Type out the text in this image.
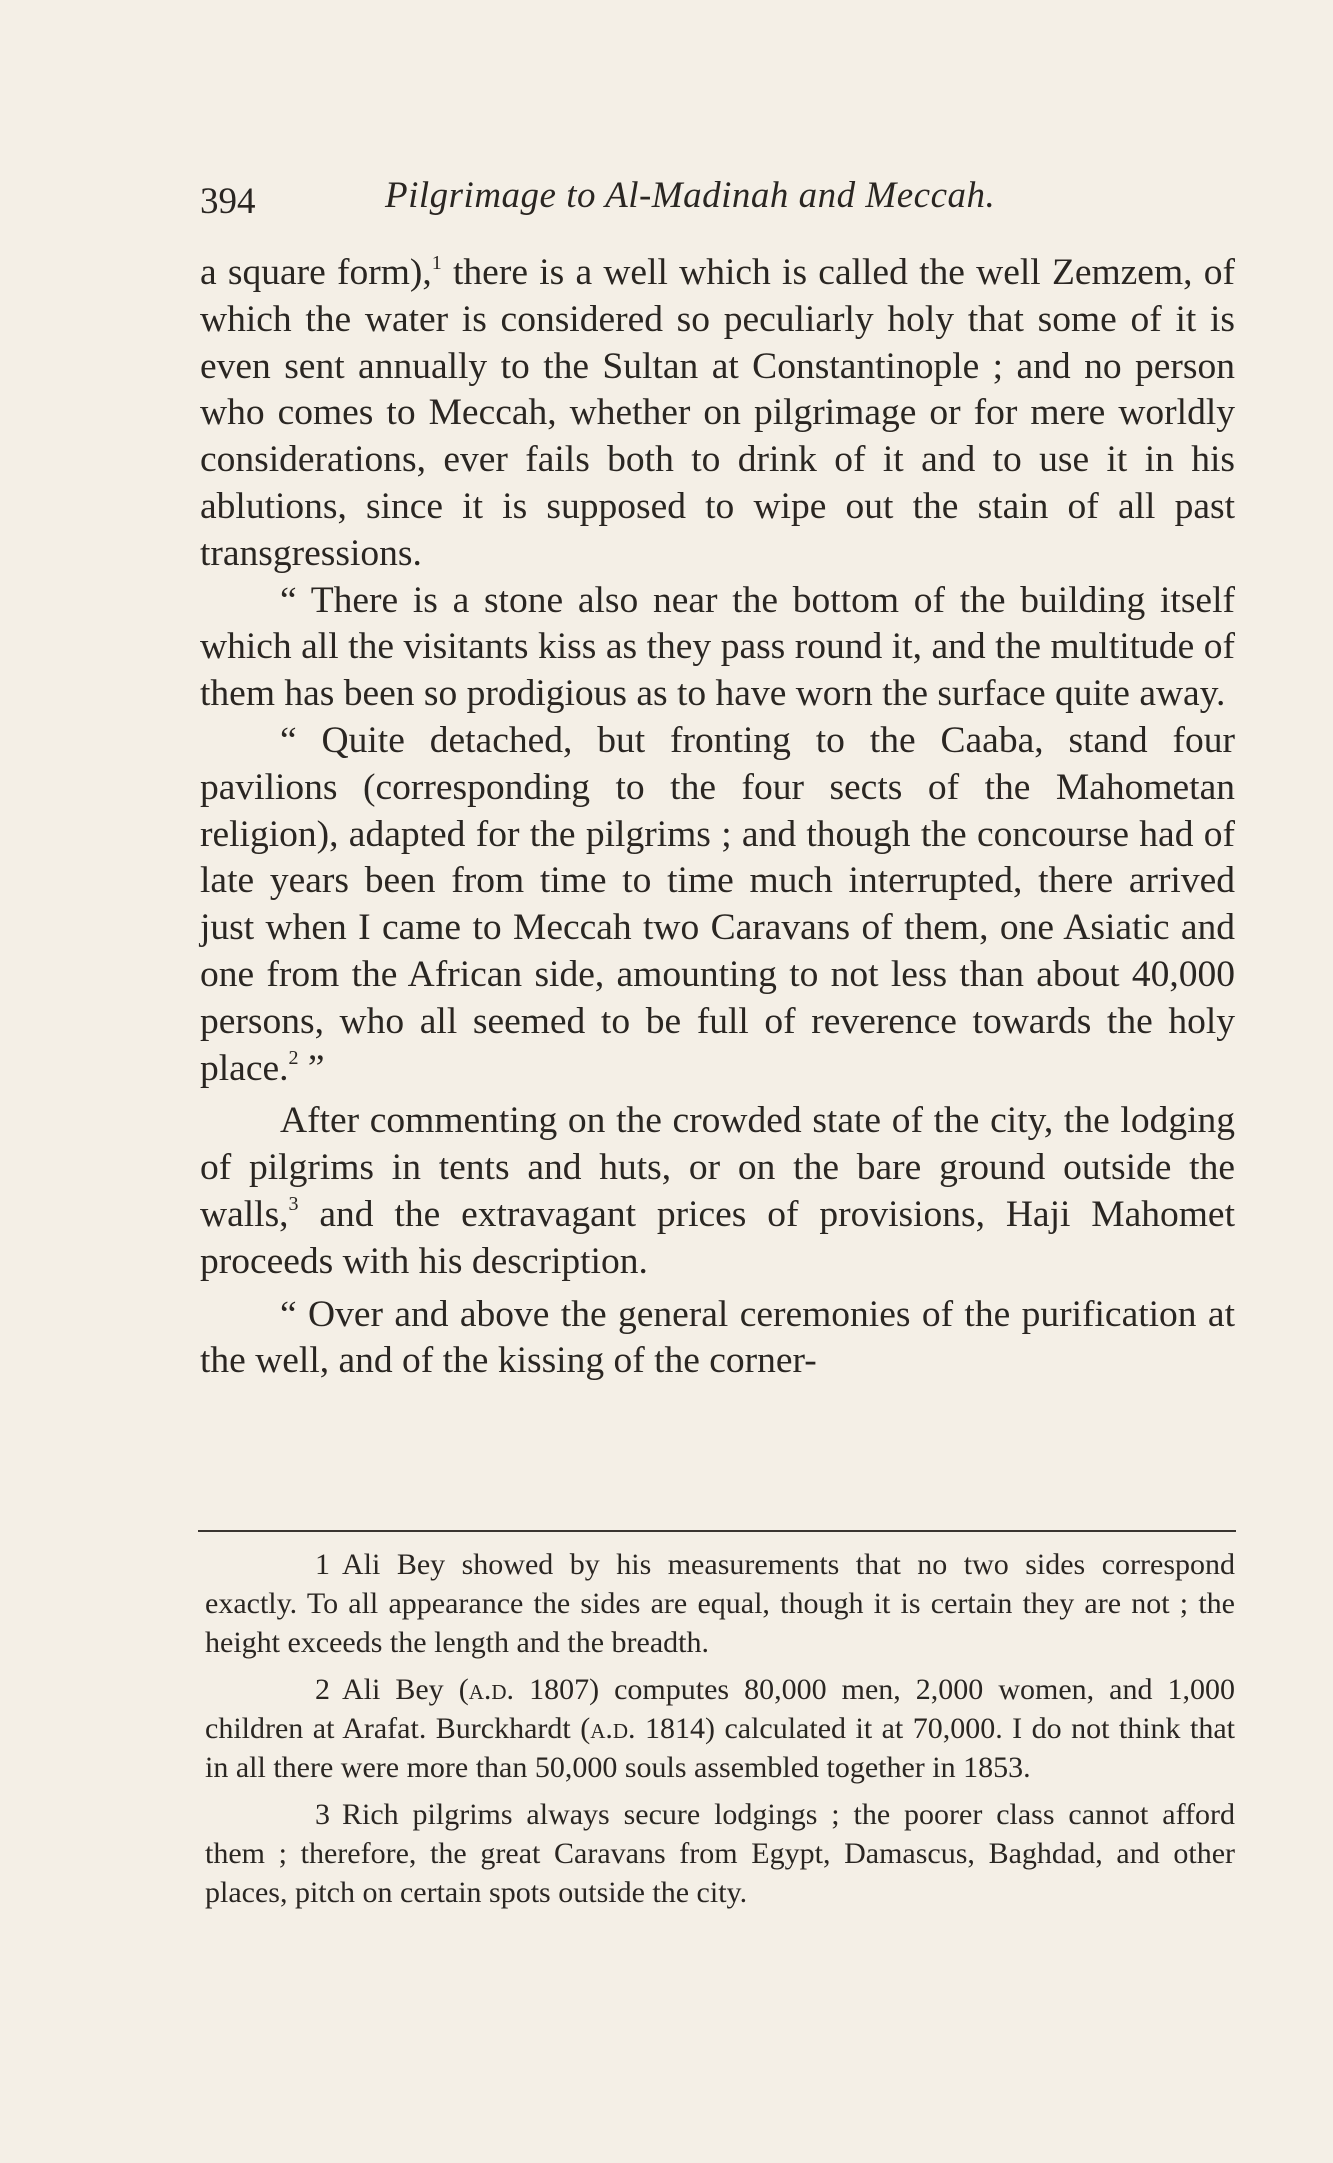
394	Pilgrimage to Al-Madinah and Meccah.

a square form),$^1$ there is a well which is called the well Zemzem, of which the water is considered so peculiarly holy that some of it is even sent annually to the Sultan at Constantinople ; and no person who comes to Meccah, whether on pilgrimage or for mere worldly considerations, ever fails both to drink of it and to use it in his ablutions, since it is supposed to wipe out the stain of all past transgressions.

“ There is a stone also near the bottom of the building itself which all the visitants kiss as they pass round it, and the multitude of them has been so prodigious as to have worn the surface quite away.

“ Quite detached, but fronting to the Caaba, stand four pavilions (corresponding to the four sects of the Mahometan religion), adapted for the pilgrims ; and though the concourse had of late years been from time to time much interrupted, there arrived just when I came to Meccah two Caravans of them, one Asiatic and one from the African side, amounting to not less than about 40,000 persons, who all seemed to be full of reverence towards the holy place.$^2$ ”

After commenting on the crowded state of the city, the lodging of pilgrims in tents and huts, or on the bare ground outside the walls,$^3$ and the extravagant prices of provisions, Haji Mahomet proceeds with his description.

“ Over and above the general ceremonies of the purification at the well, and of the kissing of the corner-

1 Ali Bey showed by his measurements that no two sides correspond exactly. To all appearance the sides are equal, though it is certain they are not ; the height exceeds the length and the breadth.

2 Ali Bey (a.d. 1807) computes 80,000 men, 2,000 women, and 1,000 children at Arafat. Burckhardt (a.d. 1814) calculated it at 70,000. I do not think that in all there were more than 50,000 souls assembled together in 1853.

3 Rich pilgrims always secure lodgings ; the poorer class cannot afford them ; therefore, the great Caravans from Egypt, Damascus, Baghdad, and other places, pitch on certain spots outside the city.
